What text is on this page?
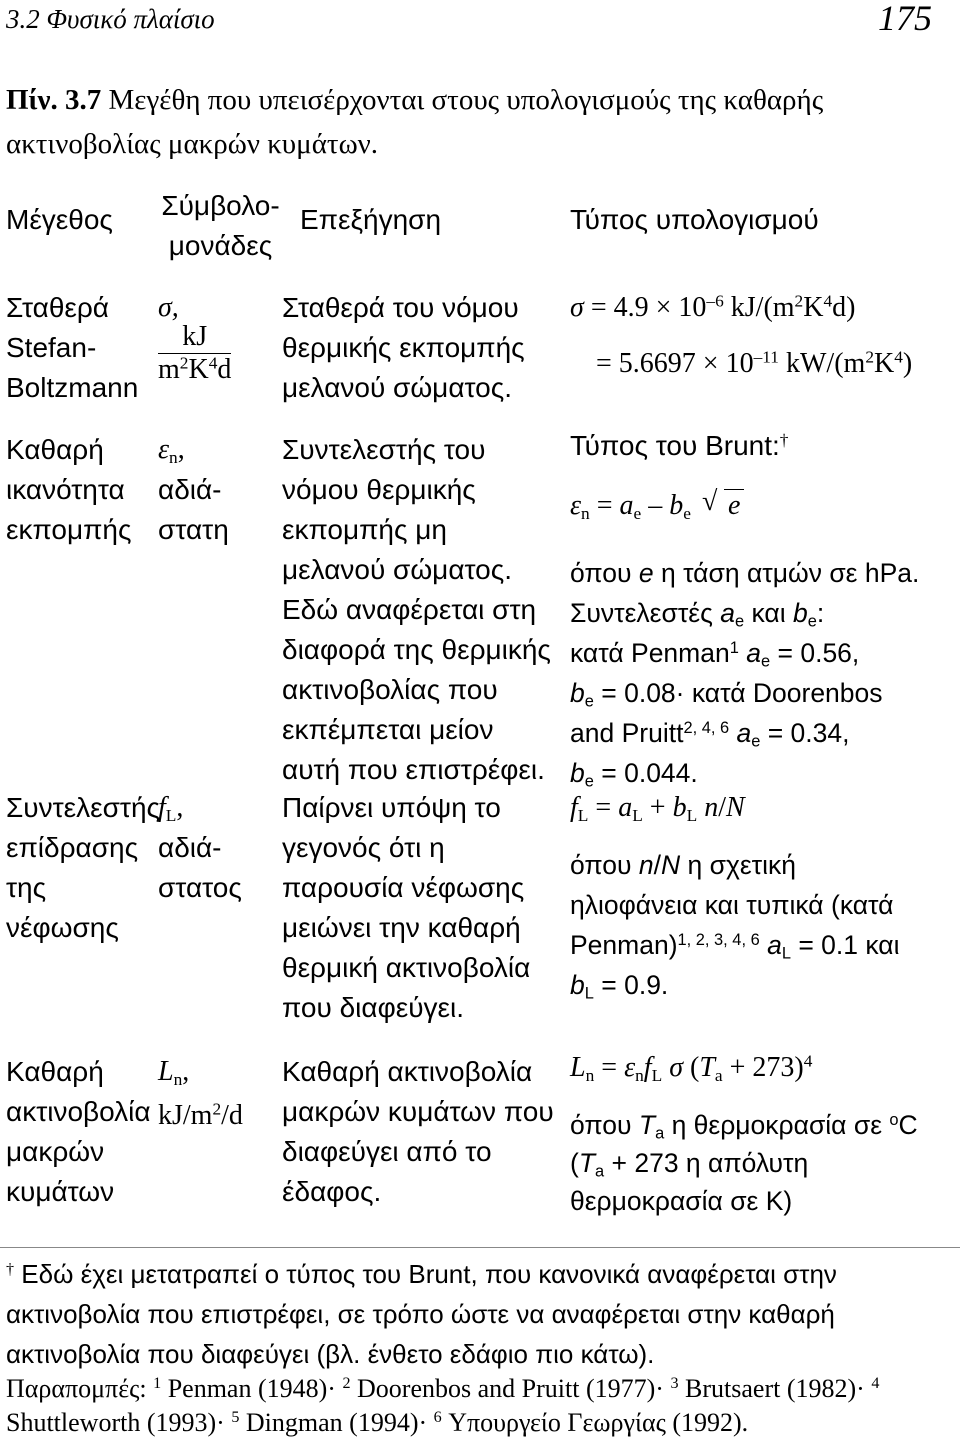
3.2 Φυσικό πλαίσιο	175
Πίν. 3.7 Μεγέθη που υπεισέρχονται στους υπολογισμούς της καθαρής ακτινοβολίας μακρών κυμάτων.
Μέγεθος Σύμβολο-
μονάδες
Επεξήγηση	Τύπος υπολογισμού
Σταθερά Stefan-Boltzmann
σ,
$\frac{kJ}{m^2K^4d}$
Σταθερά του νόμου θερμικής εκπομπής μελανού σώματος.
$\sigma = 4.9 \times 10^{-6}$ $kJ/(m^2K^4d)$
= $5.6697 \times 10^{-11}$ $kW/(m^2K^4)$
Καθαρή ικανότητα εκπομπής
$\varepsilon_n$,
αδιά- στατη
Συντελεστής του νόμου θερμικής εκπομπής μη μελανού σώματος. Εδώ αναφέρεται στη διαφορά της θερμικής ακτινοβολίας που εκπέμπεται μείον αυτή που επιστρέφει.
Τύπος του Brunt:†
$\varepsilon_n = a_e - b_e$ √ e
όπου e η τάση ατμών σε hPa.
Συντελεστές $a_e$ και $b_e$:
κατά Penman$^1$ $a_e = 0.56$,
$b_e = 0.08\cdot \kappa\alpha\tau ά$ Doorenbos
and Pruitt$^{2, 4, 6}$ $a_e = 0.34$,
$b_e = 0.044$.
Συντελεστής επίδρασης της νέφωσης
$f_L$,
αδιά- στατος
Παίρνει υπόψη το γεγονός ότι η παρουσία νέφωσης μειώνει την καθαρή θερμική ακτινοβολία που διαφεύγει.
$f_L = a_L + b_L$ n/N
όπου n/N η σχετική
ηλιοφάνεια και τυπικά (κατά
Penman)$^{1, 2, 3, 4, 6}$ $a_L = 0.1$ και
$b_L = 0.9$.
Καθαρή ακτινοβολία μακρών κυμάτων
$L_n$,
$kJ/m^2/d$
Καθαρή ακτινοβολία μακρών κυμάτων που διαφεύγει από το έδαφος.
$L_n = \varepsilon_nf_L$ σ $(T_a + 273)^4$
όπου $T_a$ η θερμοκρασία σε $^o$C
($T_a + 273$ η απόλυτη
θερμοκρασία σε K)
† Εδώ έχει μετατραπεί ο τύπος του Brunt, που κανονικά αναφέρεται στην ακτινοβολία που επιστρέφει, σε τρόπο ώστε να αναφέρεται στην καθαρή ακτινοβολία που διαφεύγει (βλ. ένθετο εδάφιο πιο κάτω).
Παραπομπές: $^1$ Penman (1948)· $^2$ Doorenbos and Pruitt (1977)· $^3$ Brutsaert (1982)· $^4$ Shuttleworth (1993)· $^5$ Dingman (1994)· $^6$ Υπουργείο Γεωργίας (1992).
